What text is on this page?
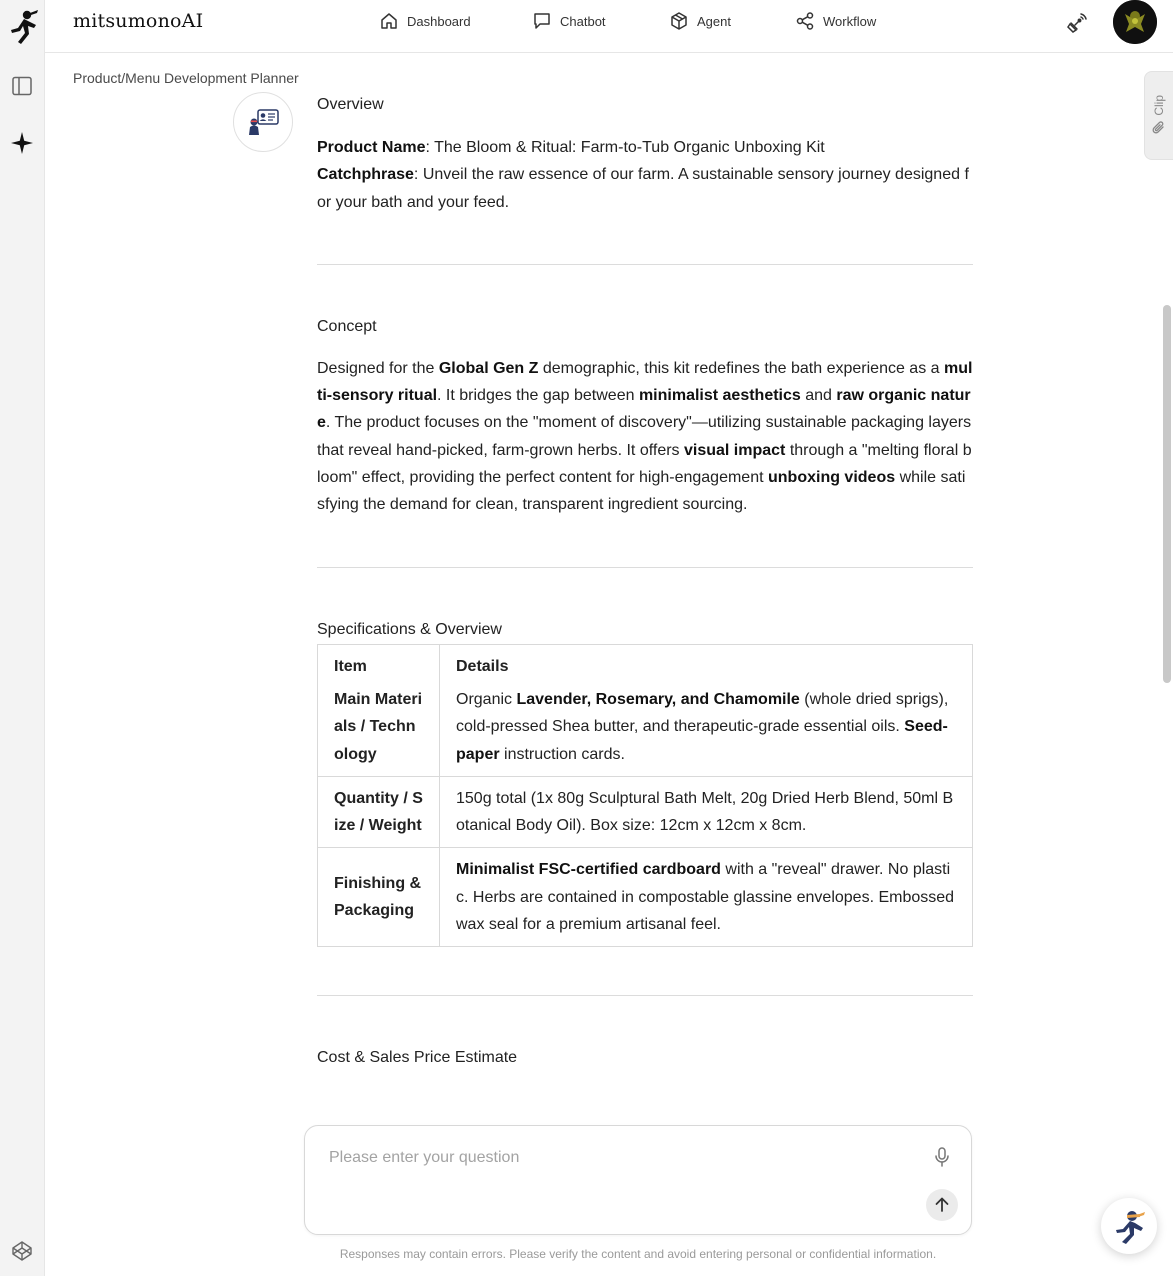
mitsumonoAI	Dashboard	Chatbot	Agent	Workflow
Product/Menu Development Planner
Overview

Product Name: The Bloom & Ritual: Farm-to-Tub Organic Unboxing Kit

Catchphrase: Unveil the raw essence of our farm. A sustainable sensory journey designed for your bath and your feed.

Concept

Designed for the Global Gen Z demographic, this kit redefines the bath experience as a multi-sensory ritual. It bridges the gap between minimalist aesthetics and raw organic nature. The product focuses on the "moment of discovery"—utilizing sustainable packaging layers that reveal hand-picked, farm-grown herbs. It offers visual impact through a "melting floral bloom" effect, providing the perfect content for high-engagement unboxing videos while satisfying the demand for clean, transparent ingredient sourcing.

Specifications & Overview
Item	Details
Main Materials / Technology	Organic Lavender, Rosemary, and Chamomile (whole dried sprigs), cold-pressed Shea butter, and therapeutic-grade essential oils. Seed-paper instruction cards.
Quantity / Size / Weight	150g total (1x 80g Sculptural Bath Melt, 20g Dried Herb Blend, 50ml Botanical Body Oil). Box size: 12cm x 12cm x 8cm.
Finishing & Packaging	Minimalist FSC-certified cardboard with a "reveal" drawer. No plastic. Herbs are contained in compostable glassine envelopes. Embossed wax seal for a premium artisanal feel.
Cost & Sales Price Estimate
Clip
Please enter your question
Responses may contain errors. Please verify the content and avoid entering personal or confidential information.
